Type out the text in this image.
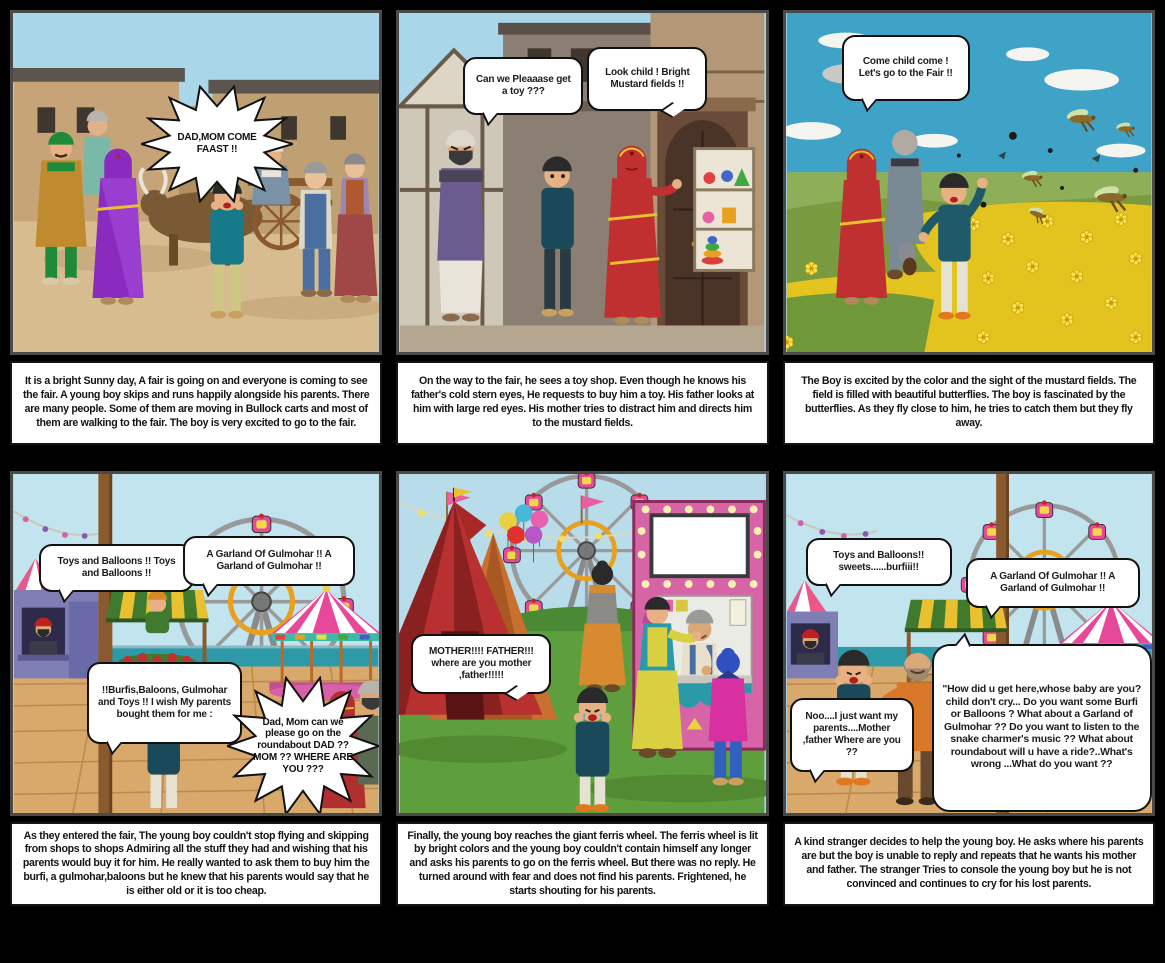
DAD,MOM COME FAAST !!
It is a bright Sunny day, A fair is going on and everyone is coming to see the fair. A young boy skips and runs happily alongside his parents. There are many people. Some of them are moving in Bullock carts and most of them are walking to the fair. The boy is very excited to go to the fair.
Can we Pleaaase get a toy ???
Look child ! Bright Mustard fields !!
On the way to the fair, he sees a toy shop. Even though he knows his father's cold stern eyes, He requests to buy him a toy. His father looks at him with large red eyes. His mother tries to distract him and directs him to the mustard fields.
Come child come ! Let's go to the Fair !!
The Boy is excited by the color and the sight of the mustard fields. The field is filled with beautiful butterflies. The boy is fascinated by the butterflies. As they fly close to him, he tries to catch them but they fly away.
Toys and Balloons !! Toys and Balloons !!
A Garland Of Gulmohar !! A Garland of Gulmohar !!
!!Burfis,Baloons, Gulmohar and Toys !! I wish My parents bought them for me :
Dad, Mom can we please go on the roundabout DAD ?? MOM ?? WHERE ARE YOU ???
As they entered the fair, The young boy couldn't stop flying and skipping from shops to shops Admiring all the stuff they had and wishing that his parents would buy it for him. He really wanted to ask them to buy him the burfi, a gulmohar,baloons but he knew that his parents would say that he is either old or it is too cheap.
MOTHER!!!! FATHER!!! where are you mother ,father!!!!!
Finally, the young boy reaches the giant ferris wheel. The ferris wheel is lit by bright colors and the young boy couldn't contain himself any longer and asks his parents to go on the ferris wheel. But there was no reply. He turned around with fear and does not find his parents. Frightened, he starts shouting for his parents.
Toys and Balloons!! sweets......burfiii!!
A Garland Of Gulmohar !! A Garland of Gulmohar !!
Noo....I just want my parents....Mother ,father Where are you ??
"How did u get here,whose baby are you? child don't cry... Do you want some Burfi or Balloons ? What about a Garland of Gulmohar ?? Do you want to listen to the snake charmer's music ?? What about roundabout will u have a ride?..What's wrong ...What do you want ??
A kind stranger decides to help the young boy. He asks where his parents are but the boy is unable to reply and repeats that he wants his mother and father. The stranger Tries to console the young boy but he is not convinced and continues to cry for his lost parents.
